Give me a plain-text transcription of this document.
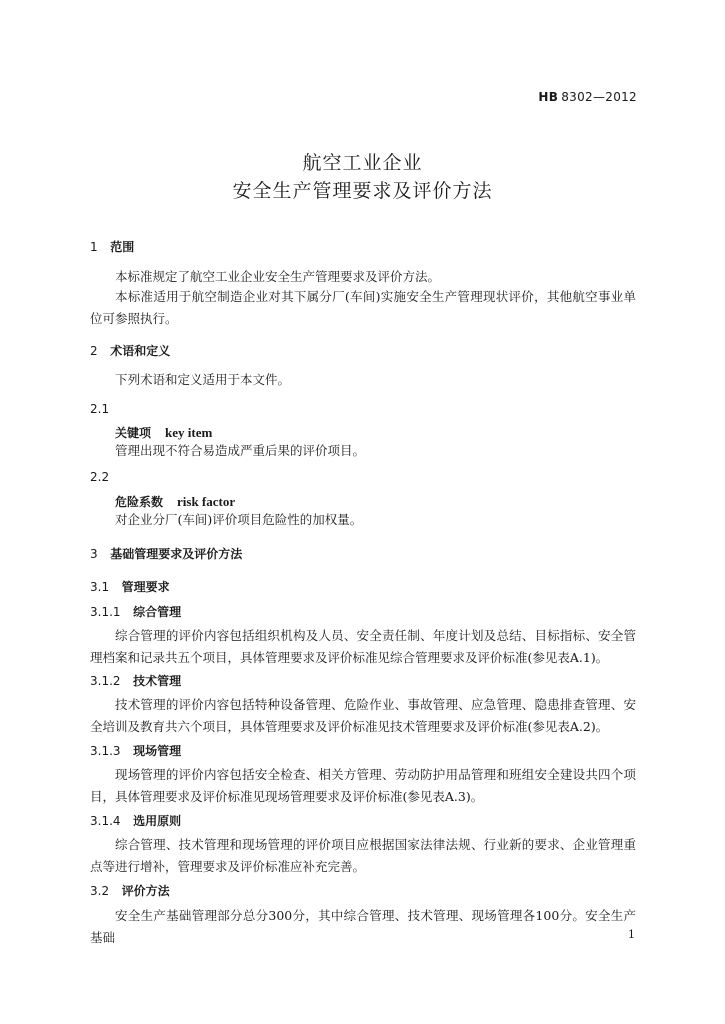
HB 8302—2012
航空工业企业
安全生产管理要求及评价方法
1 范围
本标准规定了航空工业企业安全生产管理要求及评价方法。
本标准适用于航空制造企业对其下属分厂(车间)实施安全生产管理现状评价，其他航空事业单位可参照执行。
2 术语和定义
下列术语和定义适用于本文件。
2.1
关键项 key item
管理出现不符合易造成严重后果的评价项目。
2.2
危险系数 risk factor
对企业分厂(车间)评价项目危险性的加权量。
3 基础管理要求及评价方法
3.1 管理要求
3.1.1 综合管理
综合管理的评价内容包括组织机构及人员、安全责任制、年度计划及总结、目标指标、安全管理档案和记录共五个项目，具体管理要求及评价标准见综合管理要求及评价标准(参见表A.1)。
3.1.2 技术管理
技术管理的评价内容包括特种设备管理、危险作业、事故管理、应急管理、隐患排查管理、安全培训及教育共六个项目，具体管理要求及评价标准见技术管理要求及评价标准(参见表A.2)。
3.1.3 现场管理
现场管理的评价内容包括安全检查、相关方管理、劳动防护用品管理和班组安全建设共四个项目，具体管理要求及评价标准见现场管理要求及评价标准(参见表A.3)。
3.1.4 选用原则
综合管理、技术管理和现场管理的评价项目应根据国家法律法规、行业新的要求、企业管理重点等进行增补，管理要求及评价标准应补充完善。
3.2 评价方法
安全生产基础管理部分总分300分，其中综合管理、技术管理、现场管理各100分。安全生产基础	1
